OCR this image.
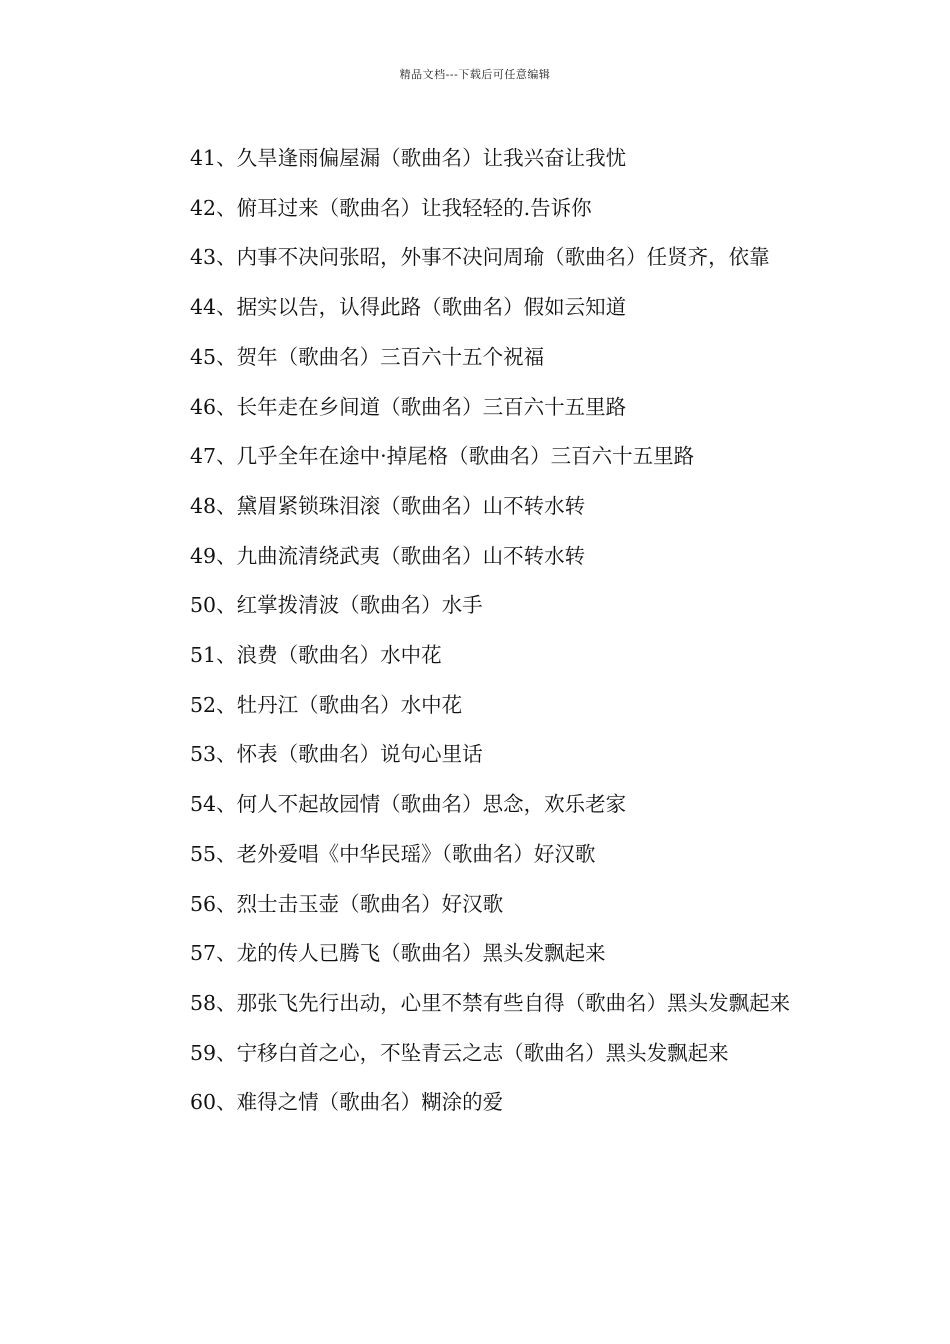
精品文档---下载后可任意编辑

41、久旱逢雨偏屋漏（歌曲名）让我兴奋让我忧

42、俯耳过来（歌曲名）让我轻轻的.告诉你

43、内事不决问张昭，外事不决问周瑜（歌曲名）任贤齐，依靠

44、据实以告，认得此路（歌曲名）假如云知道

45、贺年（歌曲名）三百六十五个祝福

46、长年走在乡间道（歌曲名）三百六十五里路

47、几乎全年在途中·掉尾格（歌曲名）三百六十五里路

48、黛眉紧锁珠泪滚（歌曲名）山不转水转

49、九曲流清绕武夷（歌曲名）山不转水转

50、红掌拨清波（歌曲名）水手

51、浪费（歌曲名）水中花

52、牡丹江（歌曲名）水中花

53、怀表（歌曲名）说句心里话

54、何人不起故园情（歌曲名）思念，欢乐老家

55、老外爱唱《中华民瑶》（歌曲名）好汉歌

56、烈士击玉壶（歌曲名）好汉歌

57、龙的传人已腾飞（歌曲名）黑头发飘起来

58、那张飞先行出动，心里不禁有些自得（歌曲名）黑头发飘起来

59、宁移白首之心，不坠青云之志（歌曲名）黑头发飘起来

60、难得之情（歌曲名）糊涂的爱
